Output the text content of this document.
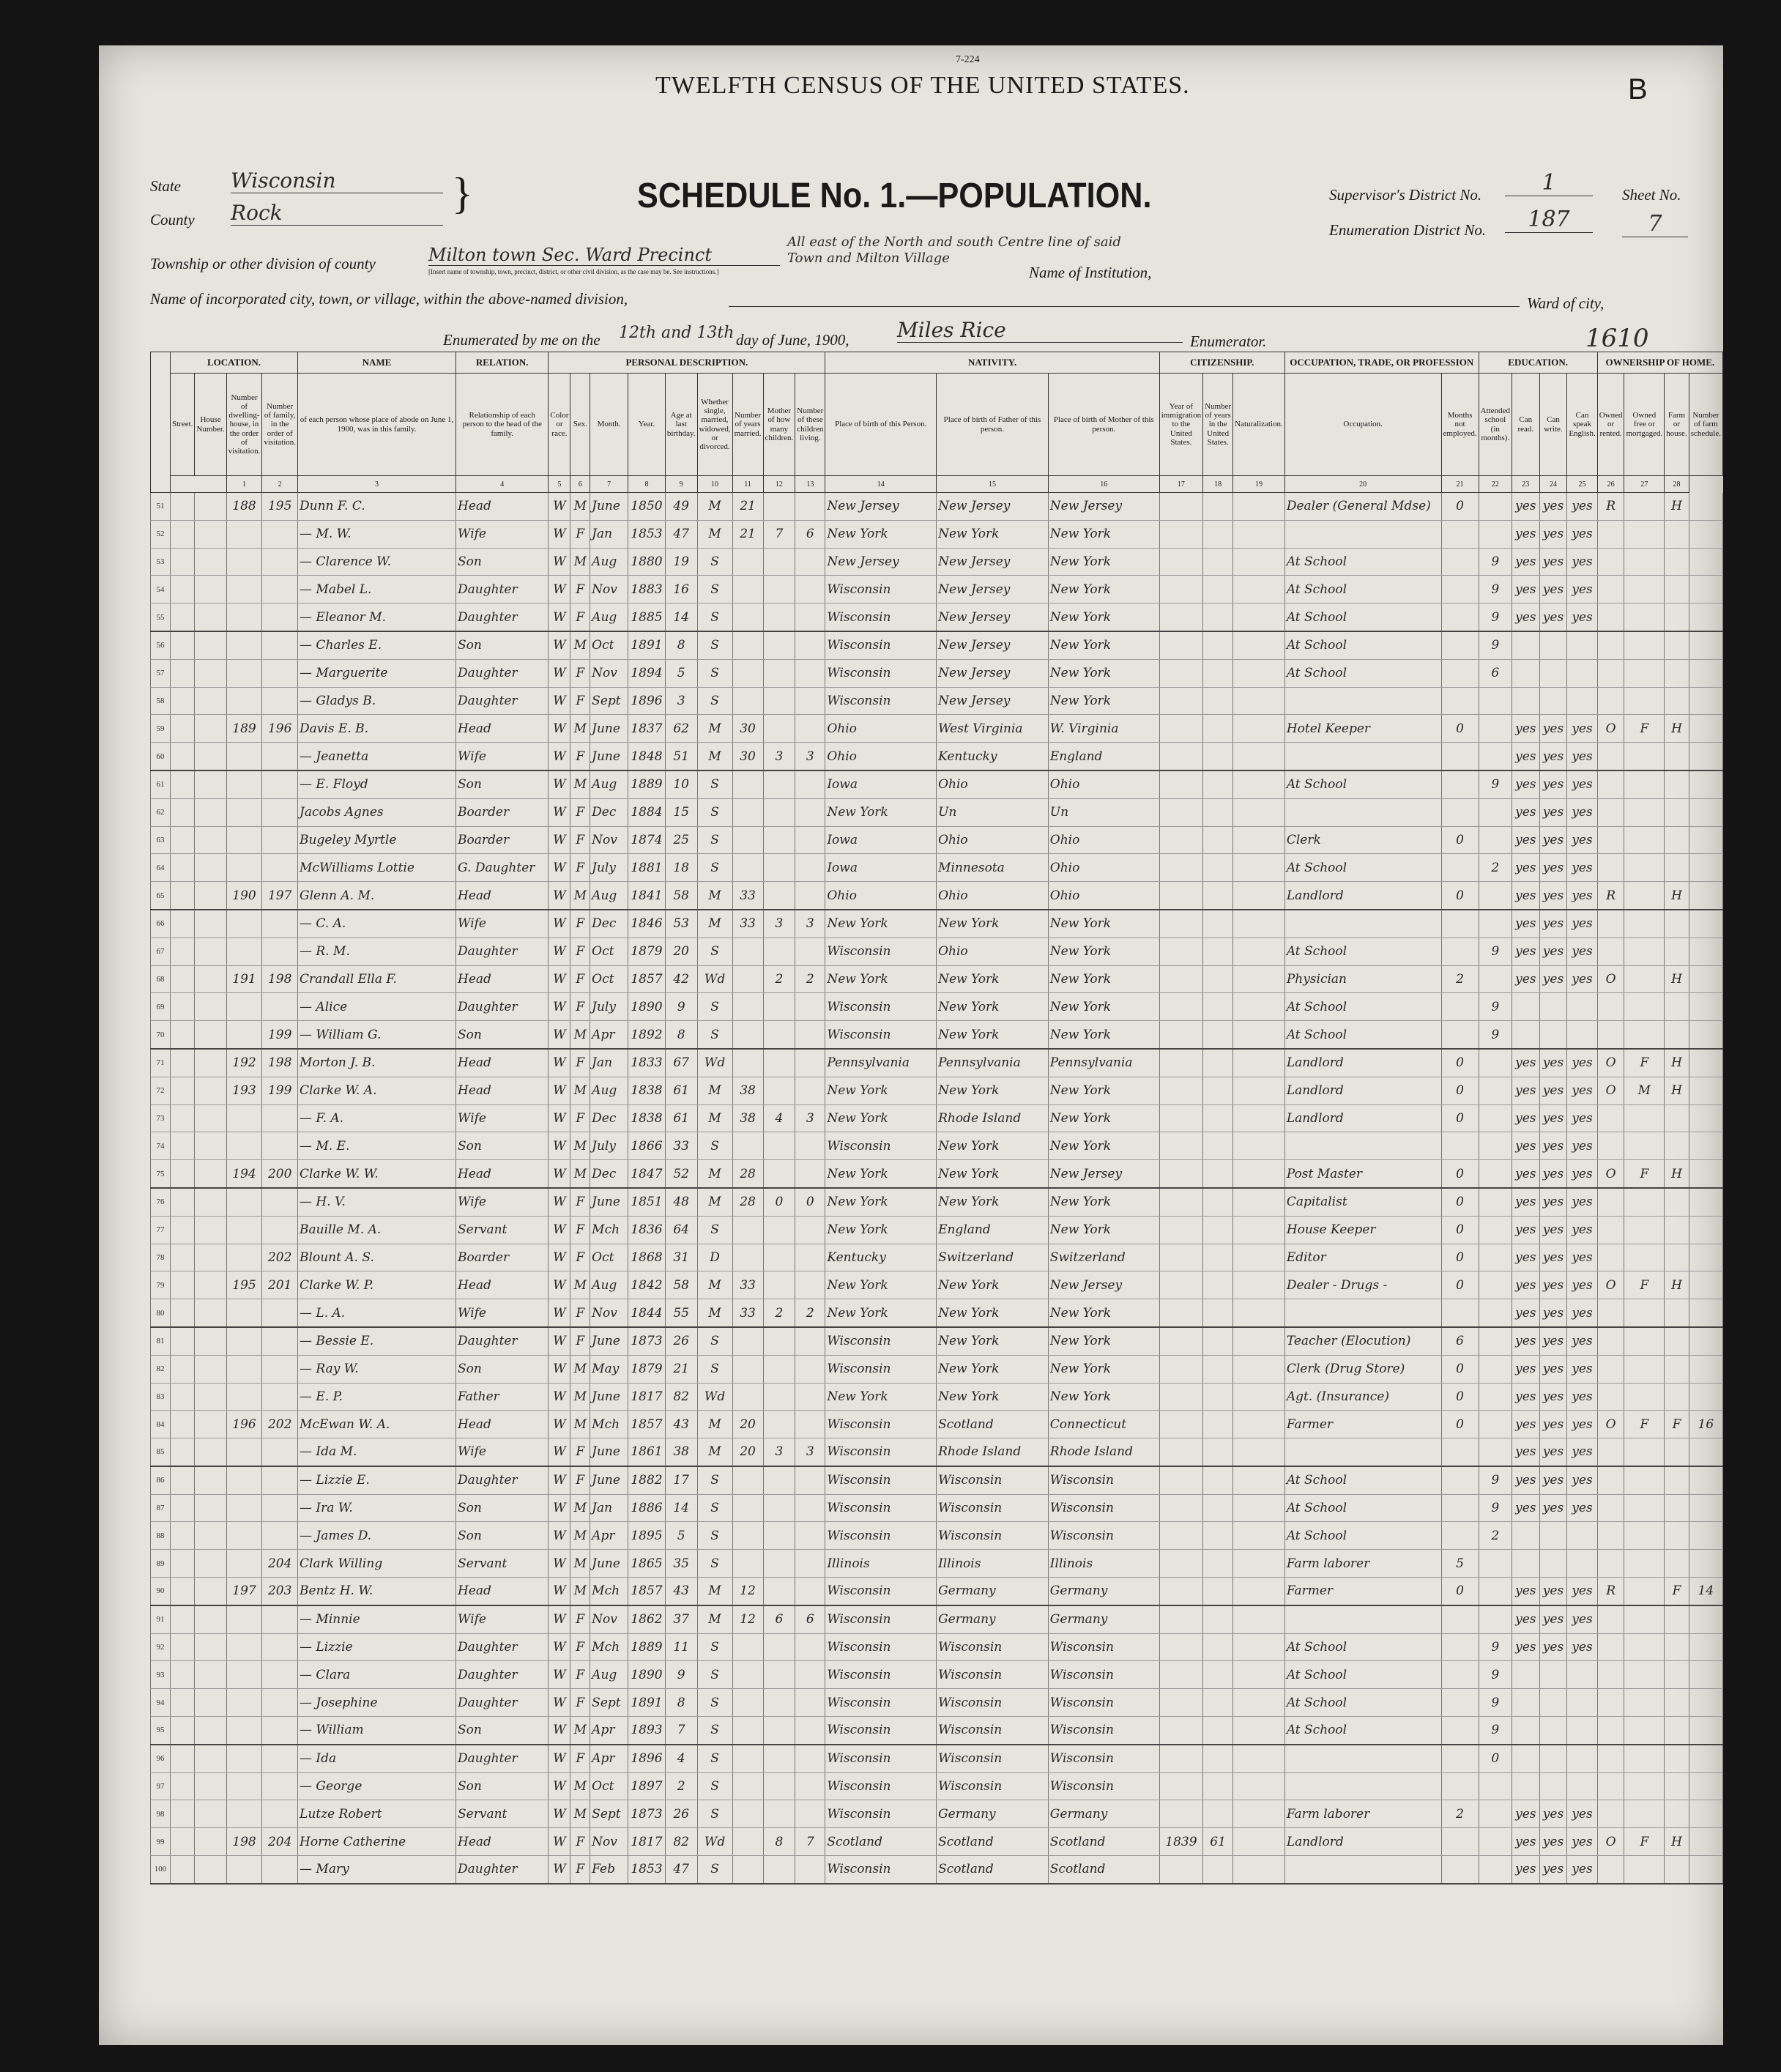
7-224
TWELFTH CENSUS OF THE UNITED STATES.	B
State Wisconsin
County Rock	}	SCHEDULE No. 1.—POPULATION.	Supervisor's District No.	1
Enumeration District No.	187
Sheet No.
7
Township or other division of county	Milton town Sec. Ward Precinct
[Insert name of township, town, precinct, district, or other civil division, as the case may be. See instructions.]
All east of the North and south Centre line of said Town and Milton Village
Name of Institution,
Name of incorporated city, town, or village, within the above-named division,	Ward of city,
Enumerated by me on the 12th and 13th day of June, 1900, Miles Rice	Enumerator.	1610
	LOCATION.				NAME	RELATION.	PERSONAL DESCRIPTION.									NATIVITY.			CITIZENSHIP.			OCCUPATION, TRADE, OR PROFESSION		EDUCATION.				OWNERSHIP OF HOME.			
	Street.	House Number.	Number of dwelling-house, in the order of visitation.	Number of family, in the order of visitation.	of each person whose place of abode on June 1, 1900, was in this family.	Relationship of each person to the head of the family.	Color or race.	Sex.	Month.	Year.	Age at last birthday.	Whether single, married, widowed, or divorced.	Number of years married.	Mother of how many children.	Number of these children living.	Place of birth of this Person.	Place of birth of Father of this person.	Place of birth of Mother of this person.	Year of immigration to the United States.	Number of years in the United States.	Naturalization.	Occupation.	Months not employed.	Attended school (in months).	Can read.	Can write.	Can speak English.	Owned or rented.	Owned free or mortgaged.	Farm or house.	Number of farm schedule.
			1	2	3	4	5	6	7	8	9	10	11	12	13	14	15	16	17	18	19	20	21	22	23	24	25	26	27	28	
51			188	195	Dunn F. C.	Head	W	M	June	1850	49	M	21			New Jersey	New Jersey	New Jersey				Dealer (General Mdse)	0		yes	yes	yes	R		H	
52					— M. W.	Wife	W	F	Jan	1853	47	M	21	7	6	New York	New York	New York							yes	yes	yes				
53					— Clarence W.	Son	W	M	Aug	1880	19	S				New Jersey	New Jersey	New York				At School		9	yes	yes	yes				
54					— Mabel L.	Daughter	W	F	Nov	1883	16	S				Wisconsin	New Jersey	New York				At School		9	yes	yes	yes				
55					— Eleanor M.	Daughter	W	F	Aug	1885	14	S				Wisconsin	New Jersey	New York				At School		9	yes	yes	yes				
56					— Charles E.	Son	W	M	Oct	1891	8	S				Wisconsin	New Jersey	New York				At School		9							
57					— Marguerite	Daughter	W	F	Nov	1894	5	S				Wisconsin	New Jersey	New York				At School		6							
58					— Gladys B.	Daughter	W	F	Sept	1896	3	S				Wisconsin	New Jersey	New York													
59			189	196	Davis E. B.	Head	W	M	June	1837	62	M	30			Ohio	West Virginia	W. Virginia				Hotel Keeper	0		yes	yes	yes	O	F	H	
60					— Jeanetta	Wife	W	F	June	1848	51	M	30	3	3	Ohio	Kentucky	England							yes	yes	yes				
61					— E. Floyd	Son	W	M	Aug	1889	10	S				Iowa	Ohio	Ohio				At School		9	yes	yes	yes				
62					Jacobs Agnes	Boarder	W	F	Dec	1884	15	S				New York	Un	Un							yes	yes	yes				
63					Bugeley Myrtle	Boarder	W	F	Nov	1874	25	S				Iowa	Ohio	Ohio				Clerk	0		yes	yes	yes				
64					McWilliams Lottie	G. Daughter	W	F	July	1881	18	S				Iowa	Minnesota	Ohio				At School		2	yes	yes	yes				
65			190	197	Glenn A. M.	Head	W	M	Aug	1841	58	M	33			Ohio	Ohio	Ohio				Landlord	0		yes	yes	yes	R		H	
66					— C. A.	Wife	W	F	Dec	1846	53	M	33	3	3	New York	New York	New York							yes	yes	yes				
67					— R. M.	Daughter	W	F	Oct	1879	20	S				Wisconsin	Ohio	New York				At School		9	yes	yes	yes				
68			191	198	Crandall Ella F.	Head	W	F	Oct	1857	42	Wd		2	2	New York	New York	New York				Physician	2		yes	yes	yes	O		H	
69					— Alice	Daughter	W	F	July	1890	9	S				Wisconsin	New York	New York				At School		9							
70				199	— William G.	Son	W	M	Apr	1892	8	S				Wisconsin	New York	New York				At School		9							
71			192	198	Morton J. B.	Head	W	F	Jan	1833	67	Wd				Pennsylvania	Pennsylvania	Pennsylvania				Landlord	0		yes	yes	yes	O	F	H	
72			193	199	Clarke W. A.	Head	W	M	Aug	1838	61	M	38			New York	New York	New York				Landlord	0		yes	yes	yes	O	M	H	
73					— F. A.	Wife	W	F	Dec	1838	61	M	38	4	3	New York	Rhode Island	New York				Landlord	0		yes	yes	yes				
74					— M. E.	Son	W	M	July	1866	33	S				Wisconsin	New York	New York							yes	yes	yes				
75			194	200	Clarke W. W.	Head	W	M	Dec	1847	52	M	28			New York	New York	New Jersey				Post Master	0		yes	yes	yes	O	F	H	
76					— H. V.	Wife	W	F	June	1851	48	M	28	0	0	New York	New York	New York				Capitalist	0		yes	yes	yes				
77					Bauille M. A.	Servant	W	F	Mch	1836	64	S				New York	England	New York				House Keeper	0		yes	yes	yes				
78				202	Blount A. S.	Boarder	W	F	Oct	1868	31	D				Kentucky	Switzerland	Switzerland				Editor	0		yes	yes	yes				
79			195	201	Clarke W. P.	Head	W	M	Aug	1842	58	M	33			New York	New York	New Jersey				Dealer - Drugs -	0		yes	yes	yes	O	F	H	
80					— L. A.	Wife	W	F	Nov	1844	55	M	33	2	2	New York	New York	New York							yes	yes	yes				
81					— Bessie E.	Daughter	W	F	June	1873	26	S				Wisconsin	New York	New York				Teacher (Elocution)	6		yes	yes	yes				
82					— Ray W.	Son	W	M	May	1879	21	S				Wisconsin	New York	New York				Clerk (Drug Store)	0		yes	yes	yes				
83					— E. P.	Father	W	M	June	1817	82	Wd				New York	New York	New York				Agt. (Insurance)	0		yes	yes	yes				
84			196	202	McEwan W. A.	Head	W	M	Mch	1857	43	M	20			Wisconsin	Scotland	Connecticut				Farmer	0		yes	yes	yes	O	F	F	16
85					— Ida M.	Wife	W	F	June	1861	38	M	20	3	3	Wisconsin	Rhode Island	Rhode Island							yes	yes	yes				
86					— Lizzie E.	Daughter	W	F	June	1882	17	S				Wisconsin	Wisconsin	Wisconsin				At School		9	yes	yes	yes				
87					— Ira W.	Son	W	M	Jan	1886	14	S				Wisconsin	Wisconsin	Wisconsin				At School		9	yes	yes	yes				
88					— James D.	Son	W	M	Apr	1895	5	S				Wisconsin	Wisconsin	Wisconsin				At School		2							
89				204	Clark Willing	Servant	W	M	June	1865	35	S				Illinois	Illinois	Illinois				Farm laborer	5								
90			197	203	Bentz H. W.	Head	W	M	Mch	1857	43	M	12			Wisconsin	Germany	Germany				Farmer	0		yes	yes	yes	R		F	14
91					— Minnie	Wife	W	F	Nov	1862	37	M	12	6	6	Wisconsin	Germany	Germany							yes	yes	yes				
92					— Lizzie	Daughter	W	F	Mch	1889	11	S				Wisconsin	Wisconsin	Wisconsin				At School		9	yes	yes	yes				
93					— Clara	Daughter	W	F	Aug	1890	9	S				Wisconsin	Wisconsin	Wisconsin				At School		9							
94					— Josephine	Daughter	W	F	Sept	1891	8	S				Wisconsin	Wisconsin	Wisconsin				At School		9							
95					— William	Son	W	M	Apr	1893	7	S				Wisconsin	Wisconsin	Wisconsin				At School		9							
96					— Ida	Daughter	W	F	Apr	1896	4	S				Wisconsin	Wisconsin	Wisconsin						0							
97					— George	Son	W	M	Oct	1897	2	S				Wisconsin	Wisconsin	Wisconsin													
98					Lutze Robert	Servant	W	M	Sept	1873	26	S				Wisconsin	Germany	Germany				Farm laborer	2		yes	yes	yes				
99			198	204	Horne Catherine	Head	W	F	Nov	1817	82	Wd		8	7	Scotland	Scotland	Scotland	1839	61		Landlord			yes	yes	yes	O	F	H	
100					— Mary	Daughter	W	F	Feb	1853	47	S				Wisconsin	Scotland	Scotland							yes	yes	yes				
